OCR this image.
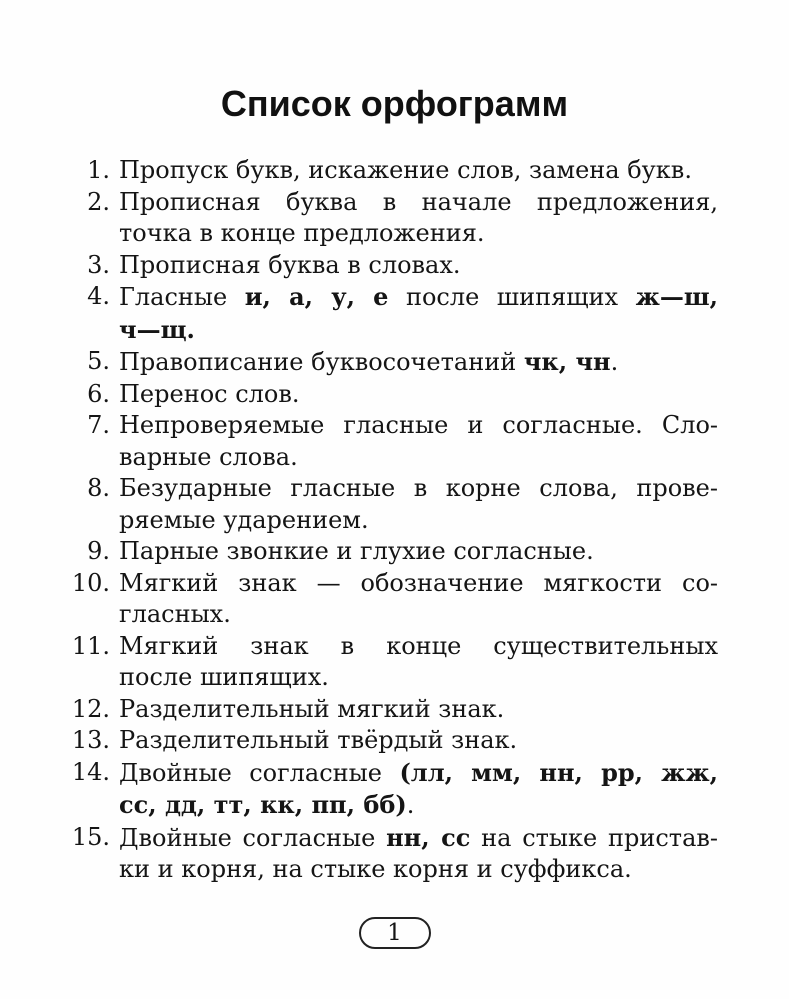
Список орфограмм
1. Пропуск букв, искажение слов, замена букв.
2. Прописная буква в начале предложения,
точка в конце предложения.
3. Прописная буква в словах.
4. Гласные и, а, у, е после шипящих ж—ш,
ч—щ.
5. Правописание буквосочетаний чк, чн.
6. Перенос слов.
7. Непроверяемые гласные и согласные. Сло-
варные слова.
8. Безударные гласные в корне слова, прове-
ряемые ударением.
9. Парные звонкие и глухие согласные.
10. Мягкий знак — обозначение мягкости со-
гласных.
11. Мягкий знак в конце существительных
после шипящих.
12. Разделительный мягкий знак.
13. Разделительный твёрдый знак.
14. Двойные согласные (лл, мм, нн, рр, жж,
сс, дд, тт, кк, пп, бб).
15. Двойные согласные нн, сс на стыке пристав-
ки и корня, на стыке корня и суффикса.
1
